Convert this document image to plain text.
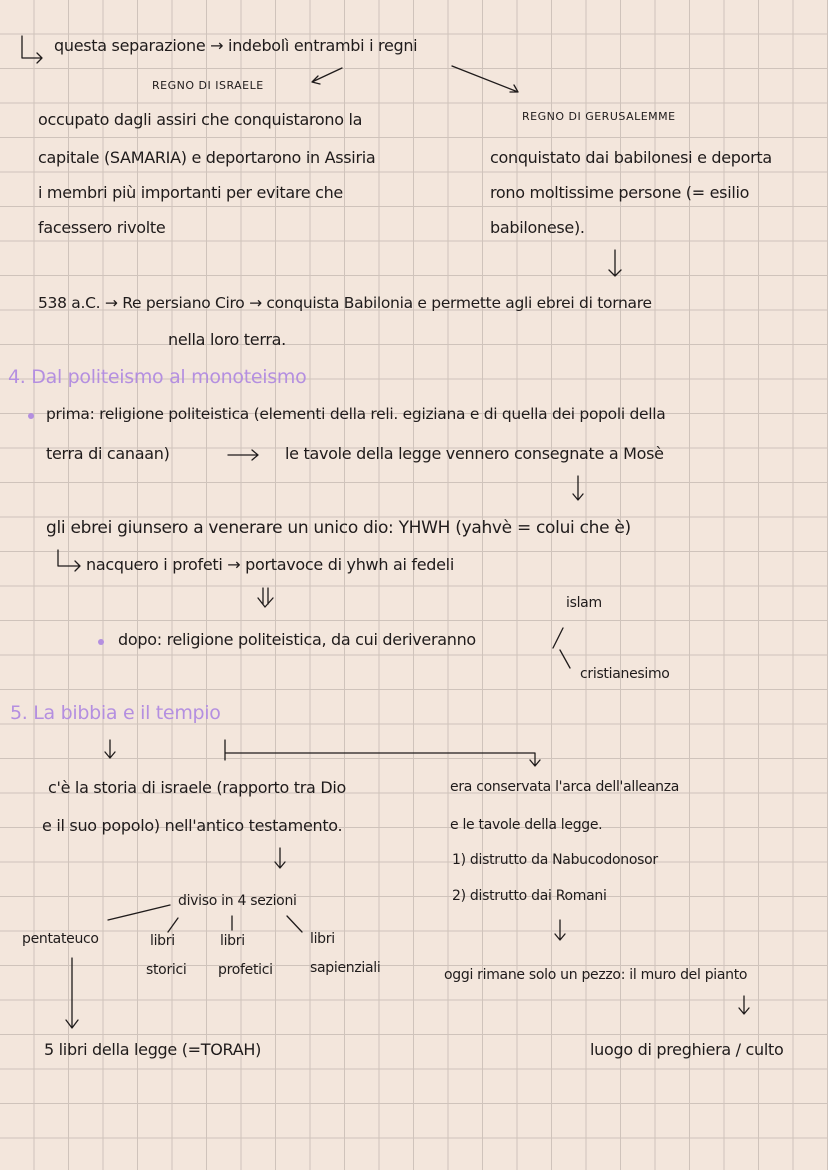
questa separazione → indebolì entrambi i regni
REGNO DI ISRAELE
occupato dagli assiri che conquistarono la
capitale (SAMARIA) e deportarono in Assiria
i membri più importanti per evitare che
facessero rivolte
REGNO DI GERUSALEMME
conquistato dai babilonesi e deporta
rono moltissime persone (= esilio
babilonese).
538 a.C. → Re persiano Ciro → conquista Babilonia e permette agli ebrei di tornare
nella loro terra.
4. Dal politeismo al monoteismo
prima: religione politeistica (elementi della reli. egiziana e di quella dei popoli della
terra di canaan)	le tavole della legge vennero consegnate a Mosè
gli ebrei giunsero a venerare un unico dio: YHWH (yahvè = colui che è)
nacquero i profeti → portavoce di yhwh ai fedeli
islam
dopo: religione politeistica, da cui deriveranno
cristianesimo
5. La bibbia e il tempio
c'è la storia di israele (rapporto tra Dio
e il suo popolo) nell'antico testamento.
diviso in 4 sezioni
pentateuco	libri
storici
libri
profetici
libri
sapienziali
5 libri della legge (=TORAH)
era conservata l'arca dell'alleanza
e le tavole della legge.
1) distrutto da Nabucodonosor
2) distrutto dai Romani
oggi rimane solo un pezzo: il muro del pianto
luogo di preghiera / culto
